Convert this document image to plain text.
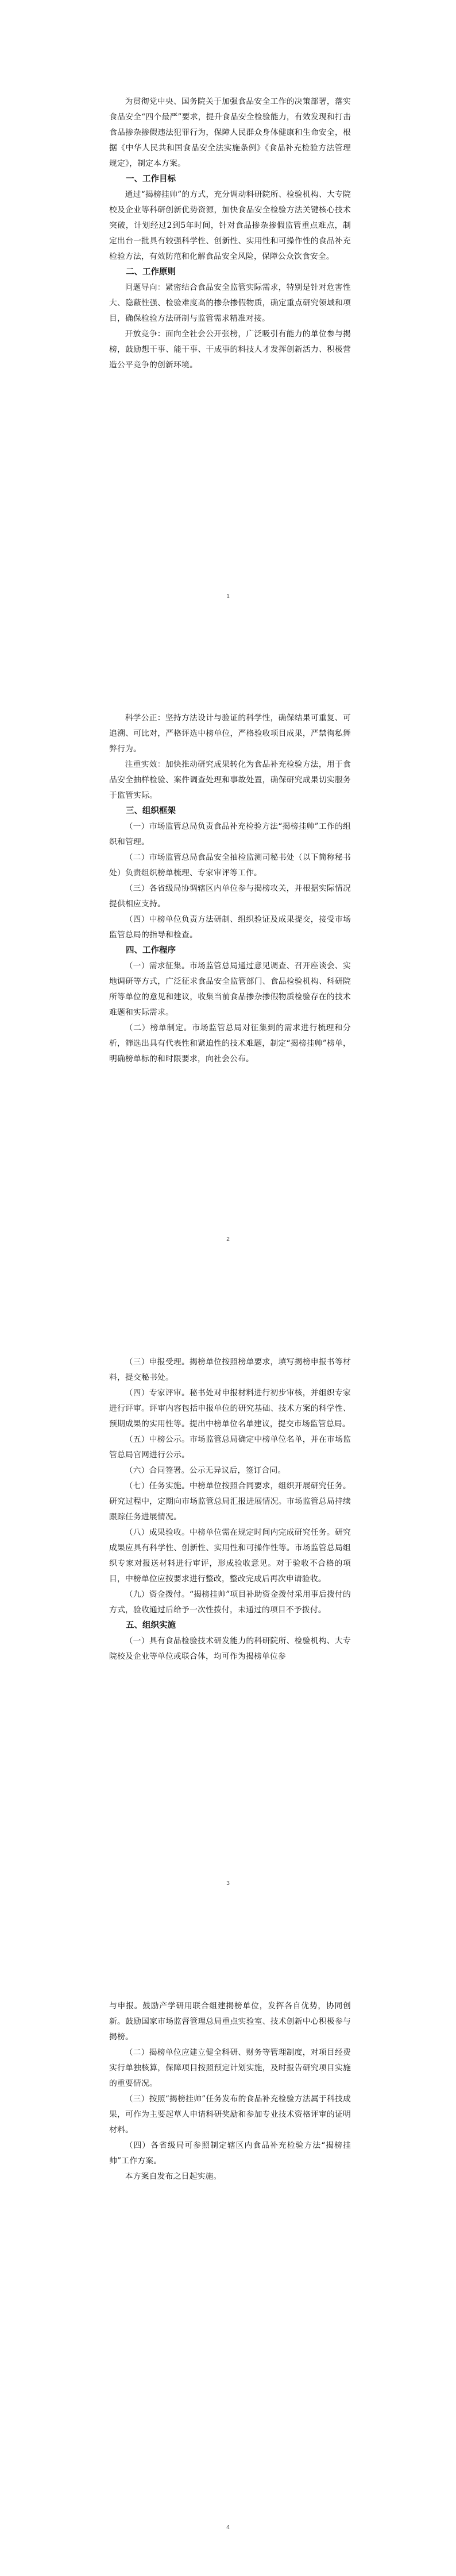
为贯彻党中央、国务院关于加强食品安全工作的决策部署，落实食品安全“四个最严”要求，提升食品安全检验能力，有效发现和打击食品掺杂掺假违法犯罪行为，保障人民群众身体健康和生命安全，根据《中华人民共和国食品安全法实施条例》《食品补充检验方法管理规定》，制定本方案。

一、工作目标

通过“揭榜挂帅”的方式，充分调动科研院所、检验机构、大专院校及企业等科研创新优势资源，加快食品安全检验方法关键核心技术突破，计划经过2到5年时间，针对食品掺杂掺假监管重点难点，制定出台一批具有较强科学性、创新性、实用性和可操作性的食品补充检验方法，有效防范和化解食品安全风险，保障公众饮食安全。

二、工作原则

问题导向：紧密结合食品安全监管实际需求，特别是针对危害性大、隐蔽性强、检验难度高的掺杂掺假物质，确定重点研究领域和项目，确保检验方法研制与监管需求精准对接。

开放竞争：面向全社会公开张榜，广泛吸引有能力的单位参与揭榜，鼓励想干事、能干事、干成事的科技人才发挥创新活力、积极营造公平竞争的创新环境。

1

科学公正：坚持方法设计与验证的科学性，确保结果可重复、可追溯、可比对，严格评选中榜单位，严格验收项目成果，严禁徇私舞弊行为。

注重实效：加快推动研究成果转化为食品补充检验方法，用于食品安全抽样检验、案件调查处理和事故处置，确保研究成果切实服务于监管实际。

三、组织框架

（一）市场监管总局负责食品补充检验方法“揭榜挂帅”工作的组织和管理。

（二）市场监管总局食品安全抽检监测司秘书处（以下简称秘书处）负责组织榜单梳理、专家审评等工作。

（三）各省级局协调辖区内单位参与揭榜攻关，并根据实际情况提供相应支持。

（四）中榜单位负责方法研制、组织验证及成果提交，接受市场监管总局的指导和检查。

四、工作程序

（一）需求征集。市场监管总局通过意见调查、召开座谈会、实地调研等方式，广泛征求食品安全监管部门、食品检验机构、科研院所等单位的意见和建议，收集当前食品掺杂掺假物质检验存在的技术难题和实际需求。

（二）榜单制定。市场监管总局对征集到的需求进行梳理和分析，筛选出具有代表性和紧迫性的技术难题，制定“揭榜挂帅”榜单，明确榜单标的和时限要求，向社会公布。

2

（三）申报受理。揭榜单位按照榜单要求，填写揭榜申报书等材料，提交秘书处。

（四）专家评审。秘书处对申报材料进行初步审核，并组织专家进行评审。评审内容包括申报单位的研究基础、技术方案的科学性、预期成果的实用性等。提出中榜单位名单建议，提交市场监管总局。

（五）中榜公示。市场监管总局确定中榜单位名单，并在市场监管总局官网进行公示。

（六）合同签署。公示无异议后，签订合同。

（七）任务实施。中榜单位按照合同要求，组织开展研究任务。研究过程中，定期向市场监管总局汇报进展情况。市场监管总局持续跟踪任务进展情况。

（八）成果验收。中榜单位需在规定时间内完成研究任务。研究成果应具有科学性、创新性、实用性和可操作性等。市场监管总局组织专家对报送材料进行审评，形成验收意见。对于验收不合格的项目，中榜单位应按要求进行整改，整改完成后再次申请验收。

（九）资金拨付。“揭榜挂帅”项目补助资金拨付采用事后拨付的方式，验收通过后给予一次性拨付，未通过的项目不予拨付。

五、组织实施

（一）具有食品检验技术研发能力的科研院所、检验机构、大专院校及企业等单位或联合体，均可作为揭榜单位参

3

与申报。鼓励产学研用联合组建揭榜单位，发挥各自优势，协同创新。鼓励国家市场监督管理总局重点实验室、技术创新中心积极参与揭榜。

（二）揭榜单位应建立健全科研、财务等管理制度，对项目经费实行单独核算，保障项目按照预定计划实施，及时报告研究项目实施的重要情况。

（三）按照“揭榜挂帅”任务发布的食品补充检验方法属于科技成果，可作为主要起草人申请科研奖励和参加专业技术资格评审的证明材料。

（四）各省级局可参照制定辖区内食品补充检验方法“揭榜挂帅”工作方案。

本方案自发布之日起实施。

4
